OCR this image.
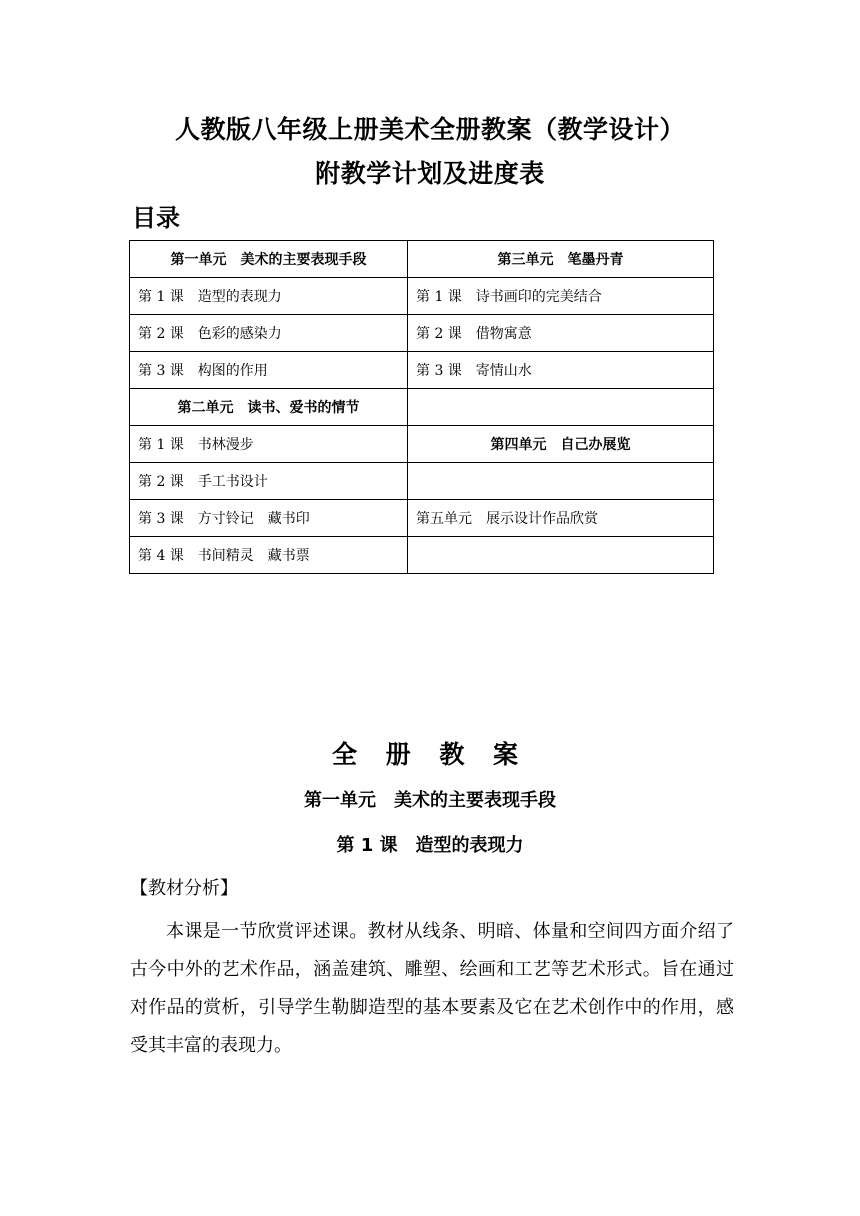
人教版八年级上册美术全册教案（教学设计）
附教学计划及进度表
目录
第一单元　美术的主要表现手段	第三单元　笔墨丹青
第 1 课　造型的表现力	第 1 课　诗书画印的完美结合
第 2 课　色彩的感染力	第 2 课　借物寓意
第 3 课　构图的作用	第 3 课　寄情山水
第二单元　读书、爱书的情节	
第 1 课　书林漫步	第四单元　自己办展览
第 2 课　手工书设计	
第 3 课　方寸铃记　藏书印	第五单元　展示设计作品欣赏
第 4 课　书间精灵　藏书票	
全 册 教 案
第一单元　美术的主要表现手段
第 1 课　造型的表现力
【教材分析】
本课是一节欣赏评述课。教材从线条、明暗、体量和空间四方面介绍了古今中外的艺术作品，涵盖建筑、雕塑、绘画和工艺等艺术形式。旨在通过对作品的赏析，引导学生勒脚造型的基本要素及它在艺术创作中的作用，感受其丰富的表现力。
